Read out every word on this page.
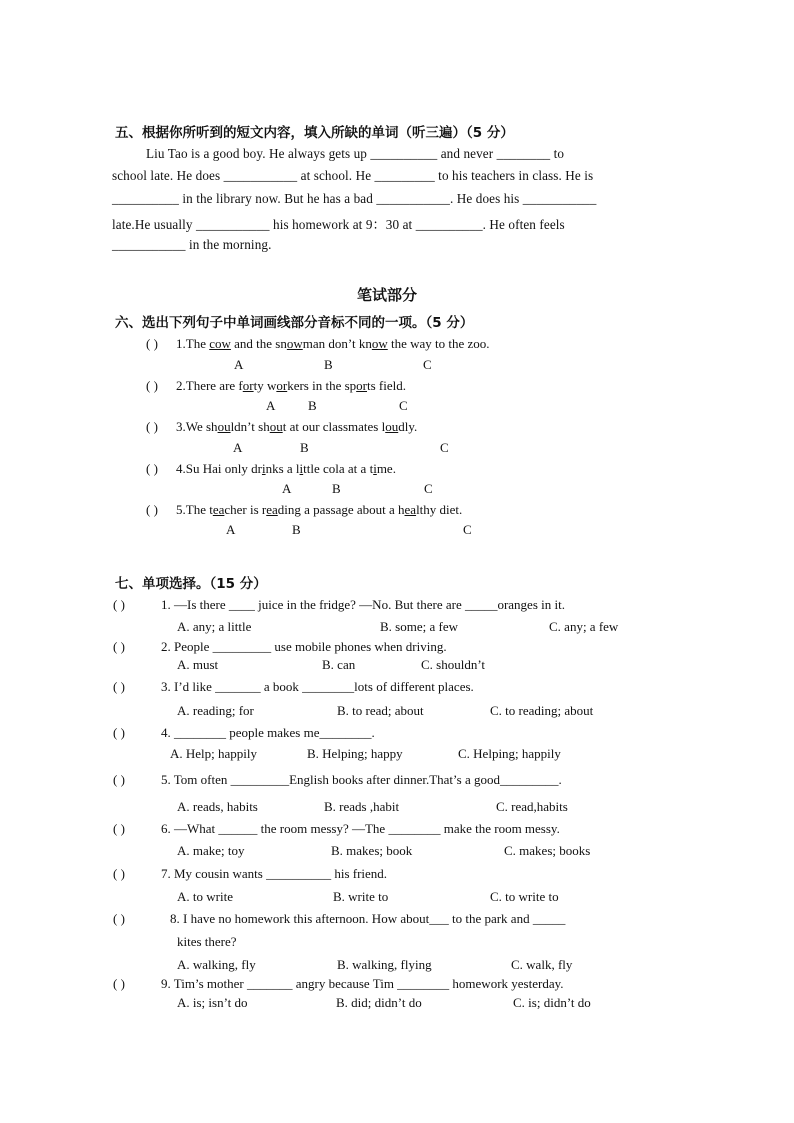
五、根据你所听到的短文内容，填入所缺的单词（听三遍）（5 分）
Liu Tao is a good boy. He always gets up __________ and never ________ to
school late. He does ___________ at school. He _________ to his teachers in class. He is
__________ in the library now. But he has a bad ___________. He does his ___________
late.He usually ___________ his homework at 9：30 at __________. He often feels
___________ in the morning.
笔试部分
六、选出下列句子中单词画线部分音标不同的一项。（5 分）
( ) 1.The cow and the snowman don’t know the way to the zoo.
A	B	C
( ) 2.There are forty workers in the sports field.
A	B	C
( ) 3.We shouldn’t shout at our classmates loudly.
A	B	C
( ) 4.Su Hai only drinks a little cola at a time.
A	B	C
( ) 5.The teacher is reading a passage about a healthy diet.
A	B	C
七、单项选择。（15 分）
( )	1. —Is there ____ juice in the fridge? —No. But there are _____oranges in it.
A. any; a little	B. some; a few	C. any; a few
( )	2. People _________ use mobile phones when driving.
A. must	B. can	C. shouldn’t
( )	3. I’d like _______ a book ________lots of different places.
A. reading; for	B. to read; about	C. to reading; about
( )	4. ________ people makes me________.
A. Help; happily	B. Helping; happy	C. Helping; happily
( )	5. Tom often _________English books after dinner.That’s a good_________.
A. reads, habits	B. reads ,habit	C. read,habits
( )	6. —What ______ the room messy? —The ________ make the room messy.
A. make; toy	B. makes; book	C. makes; books
( )	7. My cousin wants __________ his friend.
A. to write	B. write to	C. to write to
( )	8. I have no homework this afternoon. How about___ to the park and _____
kites there?
A. walking, fly	B. walking, flying	C. walk, fly
( )	9. Tim’s mother _______ angry because Tim ________ homework yesterday.
A. is; isn’t do	B. did; didn’t do	C. is; didn’t do
